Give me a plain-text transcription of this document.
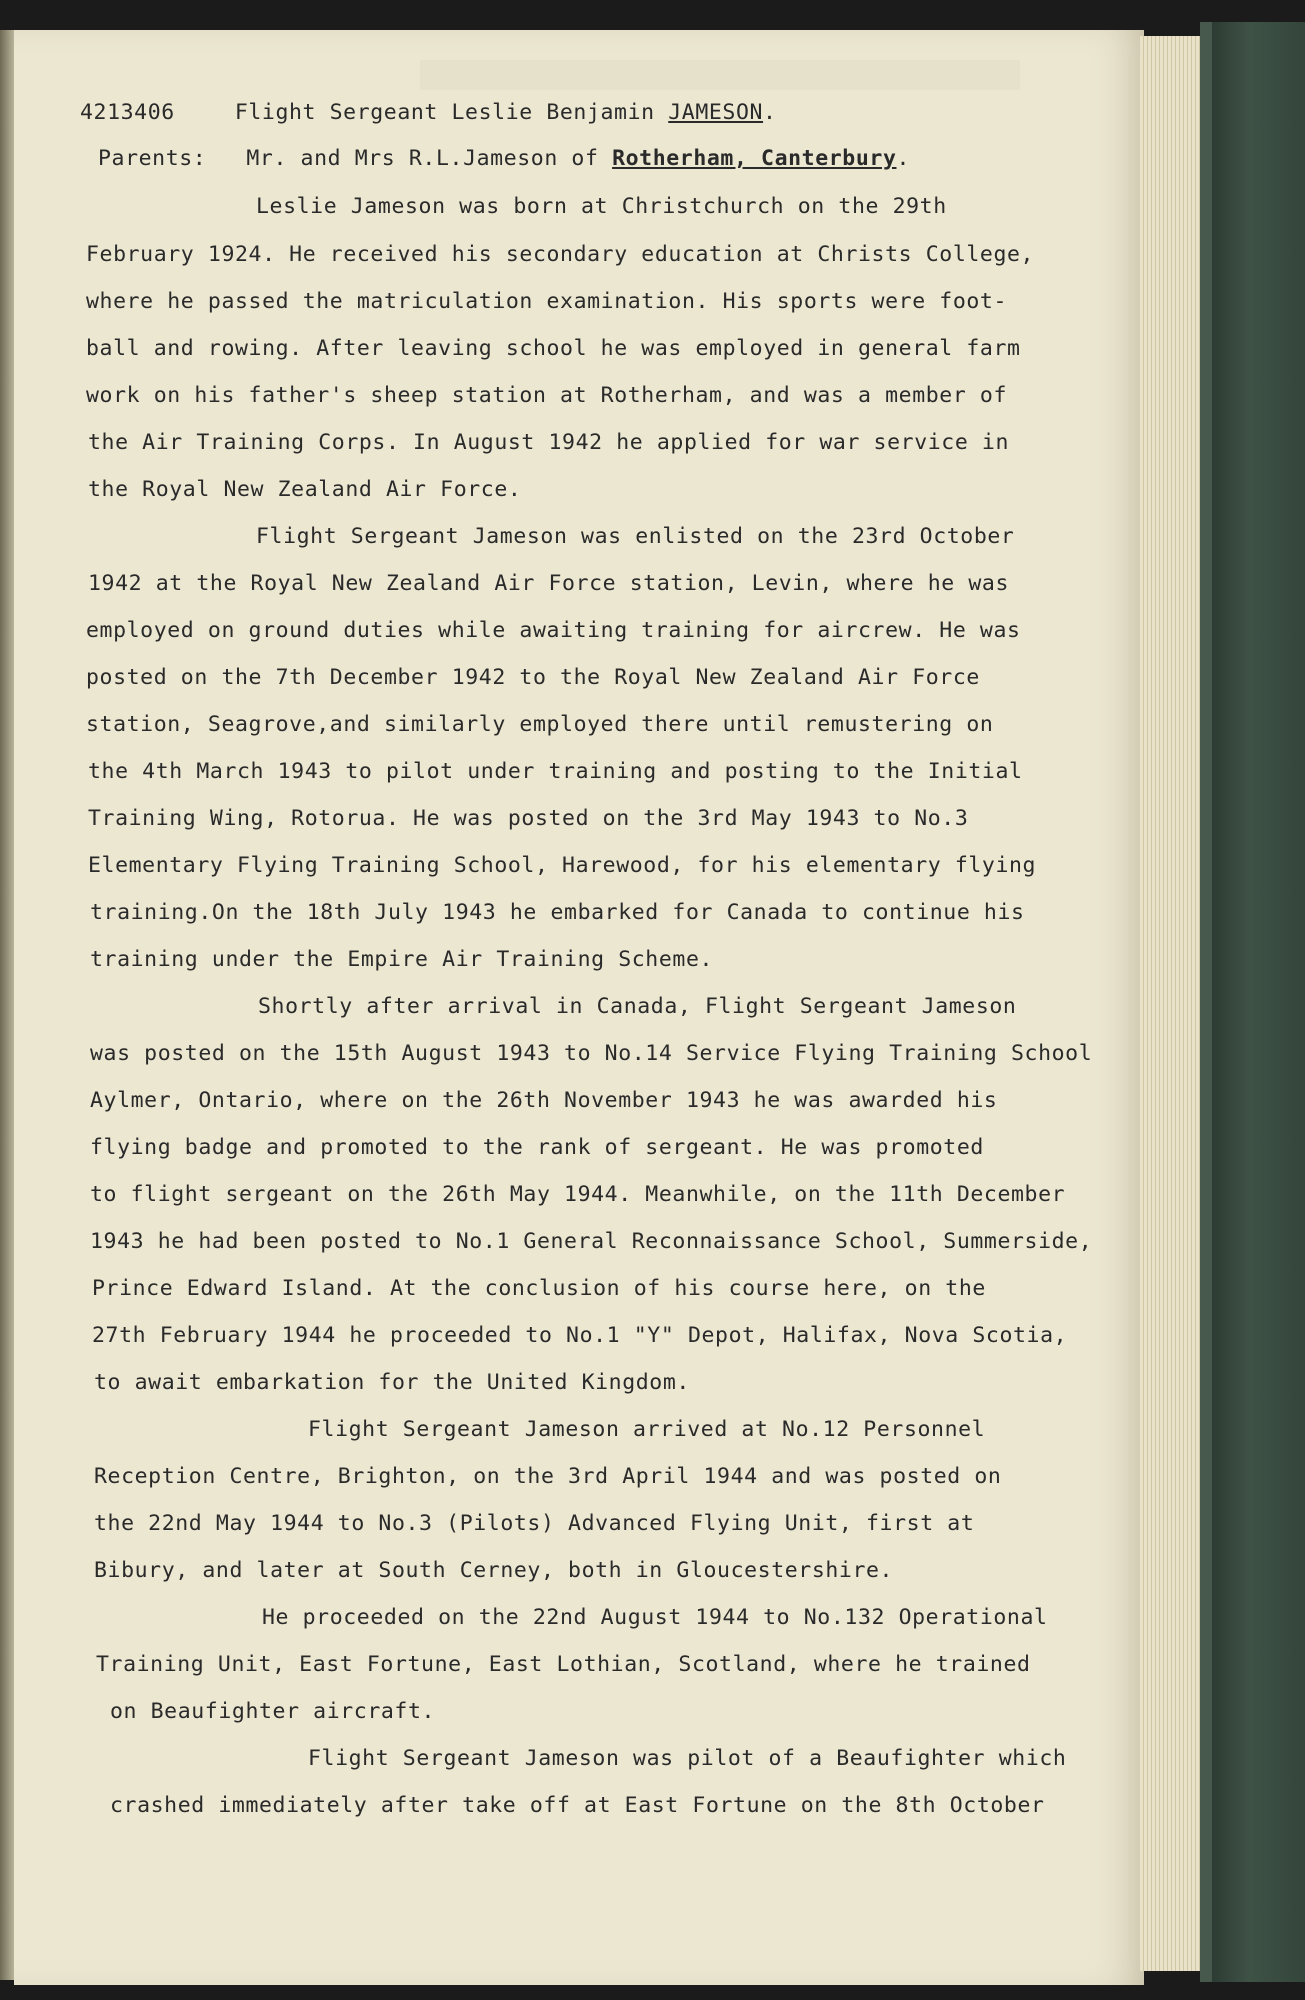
4213406	Flight Sergeant Leslie Benjamin JAMESON.
Parents: Mr. and Mrs R.L.Jameson of Rotherham, Canterbury.
Leslie Jameson was born at Christchurch on the 29th
February 1924. He received his secondary education at Christs College,
where he passed the matriculation examination. His sports were foot-
ball and rowing. After leaving school he was employed in general farm
work on his father's sheep station at Rotherham, and was a member of
the Air Training Corps. In August 1942 he applied for war service in
the Royal New Zealand Air Force.
Flight Sergeant Jameson was enlisted on the 23rd October
1942 at the Royal New Zealand Air Force station, Levin, where he was
employed on ground duties while awaiting training for aircrew. He was
posted on the 7th December 1942 to the Royal New Zealand Air Force
station, Seagrove,and similarly employed there until remustering on
the 4th March 1943 to pilot under training and posting to the Initial
Training Wing, Rotorua. He was posted on the 3rd May 1943 to No.3
Elementary Flying Training School, Harewood, for his elementary flying
training.On the 18th July 1943 he embarked for Canada to continue his
training under the Empire Air Training Scheme.
Shortly after arrival in Canada, Flight Sergeant Jameson
was posted on the 15th August 1943 to No.14 Service Flying Training School
Aylmer, Ontario, where on the 26th November 1943 he was awarded his
flying badge and promoted to the rank of sergeant. He was promoted
to flight sergeant on the 26th May 1944. Meanwhile, on the 11th December
1943 he had been posted to No.1 General Reconnaissance School, Summerside,
Prince Edward Island. At the conclusion of his course here, on the
27th February 1944 he proceeded to No.1 "Y" Depot, Halifax, Nova Scotia,
to await embarkation for the United Kingdom.
Flight Sergeant Jameson arrived at No.12 Personnel
Reception Centre, Brighton, on the 3rd April 1944 and was posted on
the 22nd May 1944 to No.3 (Pilots) Advanced Flying Unit, first at
Bibury, and later at South Cerney, both in Gloucestershire.
He proceeded on the 22nd August 1944 to No.132 Operational
Training Unit, East Fortune, East Lothian, Scotland, where he trained
on Beaufighter aircraft.
Flight Sergeant Jameson was pilot of a Beaufighter which
crashed immediately after take off at East Fortune on the 8th October
